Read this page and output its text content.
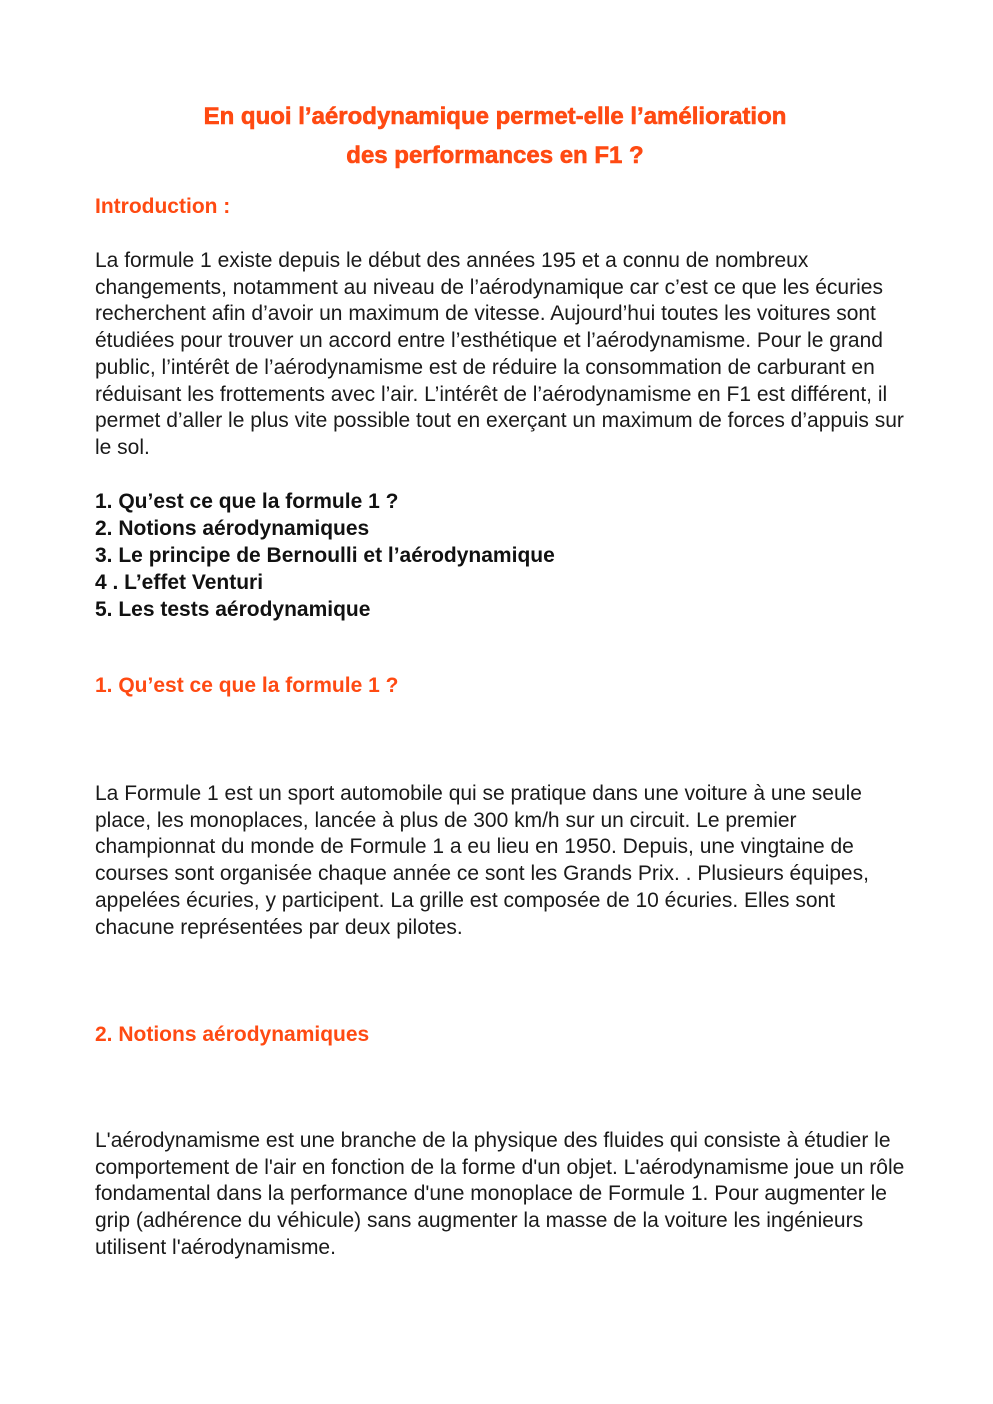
En quoi l’aérodynamique permet-elle l’amélioration
des performances en F1 ?
Introduction :

La formule 1 existe depuis le début des années 195 et a connu de nombreux changements, notamment au niveau de l’aérodynamique car c’est ce que les écuries recherchent afin d’avoir un maximum de vitesse. Aujourd’hui toutes les voitures sont étudiées pour trouver un accord entre l’esthétique et l’aérodynamisme. Pour le grand public, l’intérêt de l’aérodynamisme est de réduire la consommation de carburant en réduisant les frottements avec l’air. L’intérêt de l’aérodynamisme en F1 est différent, il permet d’aller le plus vite possible tout en exerçant un maximum de forces d’appuis sur le sol.

1. Qu’est ce que la formule 1 ?
2. Notions aérodynamiques
3. Le principe de Bernoulli et l’aérodynamique
4 . L’effet Venturi
5. Les tests aérodynamique
1. Qu’est ce que la formule 1 ?

La Formule 1 est un sport automobile qui se pratique dans une voiture à une seule place, les monoplaces, lancée à plus de 300 km/h sur un circuit. Le premier championnat du monde de Formule 1 a eu lieu en 1950. Depuis, une vingtaine de courses sont organisée chaque année ce sont les Grands Prix. . Plusieurs équipes, appelées écuries, y participent. La grille est composée de 10 écuries. Elles sont chacune représentées par deux pilotes.

2. Notions aérodynamiques

L'aérodynamisme est une branche de la physique des fluides qui consiste à étudier le comportement de l'air en fonction de la forme d'un objet. L'aérodynamisme joue un rôle fondamental dans la performance d'une monoplace de Formule 1. Pour augmenter le grip (adhérence du véhicule) sans augmenter la masse de la voiture les ingénieurs utilisent l'aérodynamisme.
